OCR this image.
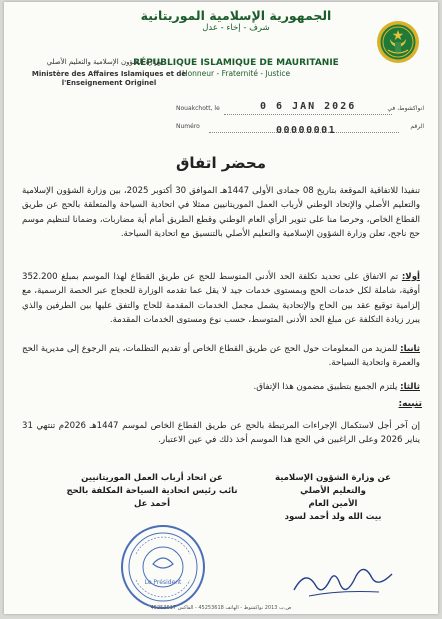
الجمهورية الإسلامية الموريتانية
شرف - إخاء - عدل
RÉPUBLIQUE ISLAMIQUE DE MAURITANIE
Honneur - Fraternité - Justice
وزارة الشؤون الإسلامية والتعليم الأصلي
Ministère des Affaires Islamiques et de l'Enseignement Originel
Nouakchott, le	انواكشوط، في
0 6 JAN 2026
Numéro	الرقم
00000001
محضر اتفاق
تنفيذا للاتفاقية الموقعة بتاريخ 08 جمادى الأولى 1447هـ الموافق 30 أكتوبر 2025، بين وزارة الشؤون الإسلامية والتعليم الأصلي والإتحاد الوطني لأرباب العمل الموريتانيين ممثلا في اتحادية السياحة والمتعلقة بالحج عن طريق القطاع الخاص، وحرصا منا على تنوير الرأي العام الوطني وقطع الطريق أمام أية مضاربات، وضمانا لتنظيم موسم حج ناجح، تعلن وزارة الشؤون الإسلامية والتعليم الأصلي بالتنسيق مع اتحادية السياحة.
أولا: تم الاتفاق على تحديد تكلفة الحد الأدنى المتوسط للحج عن طريق القطاع لهذا الموسم بمبلغ 352.200 أوقية، شاملة لكل خدمات الحج وبمستوى خدمات جيد لا يقل عما تقدمه الوزارة للحجاج عبر الحصة الرسمية، مع إلزامية توقيع عقد بين الحاج والإتحادية يشمل مجمل الخدمات المقدمة للحاج والتفق عليها بين الطرفين والذي يبرر زيادة التكلفة عن مبلغ الحد الأدنى المتوسط، حسب نوع ومستوى الخدمات المقدمة.
ثانيا: للمزيد من المعلومات حول الحج عن طريق القطاع الخاص أو تقديم التظلمات، يتم الرجوع إلى مديرية الحج والعمرة واتحادية السياحة.
ثالثا: يلتزم الجميع بتطبيق مضمون هذا الإتفاق.
تنبيه:
إن آخر أجل لاستكمال الإجراءات المرتبطة بالحج عن طريق القطاع الخاص لموسم 1447هـ 2026م تنتهي 31 يناير 2026 وعلى الراغبين في الحج هذا الموسم أخذ ذلك في عين الاعتبار.
عن وزارة الشؤون الإسلامية
والتعليم الأصلي
الأمين العام
بيت الله ولد أحمد لسود
عن اتحاد أرباب العمل الموريتانيين
نائب رئيس اتحادية السياحة المكلفة بالحج
أحمد عل
Le Président
ص.ب 2013 نواكشوط - الهاتف 45253618 - الفاكس 45253617
